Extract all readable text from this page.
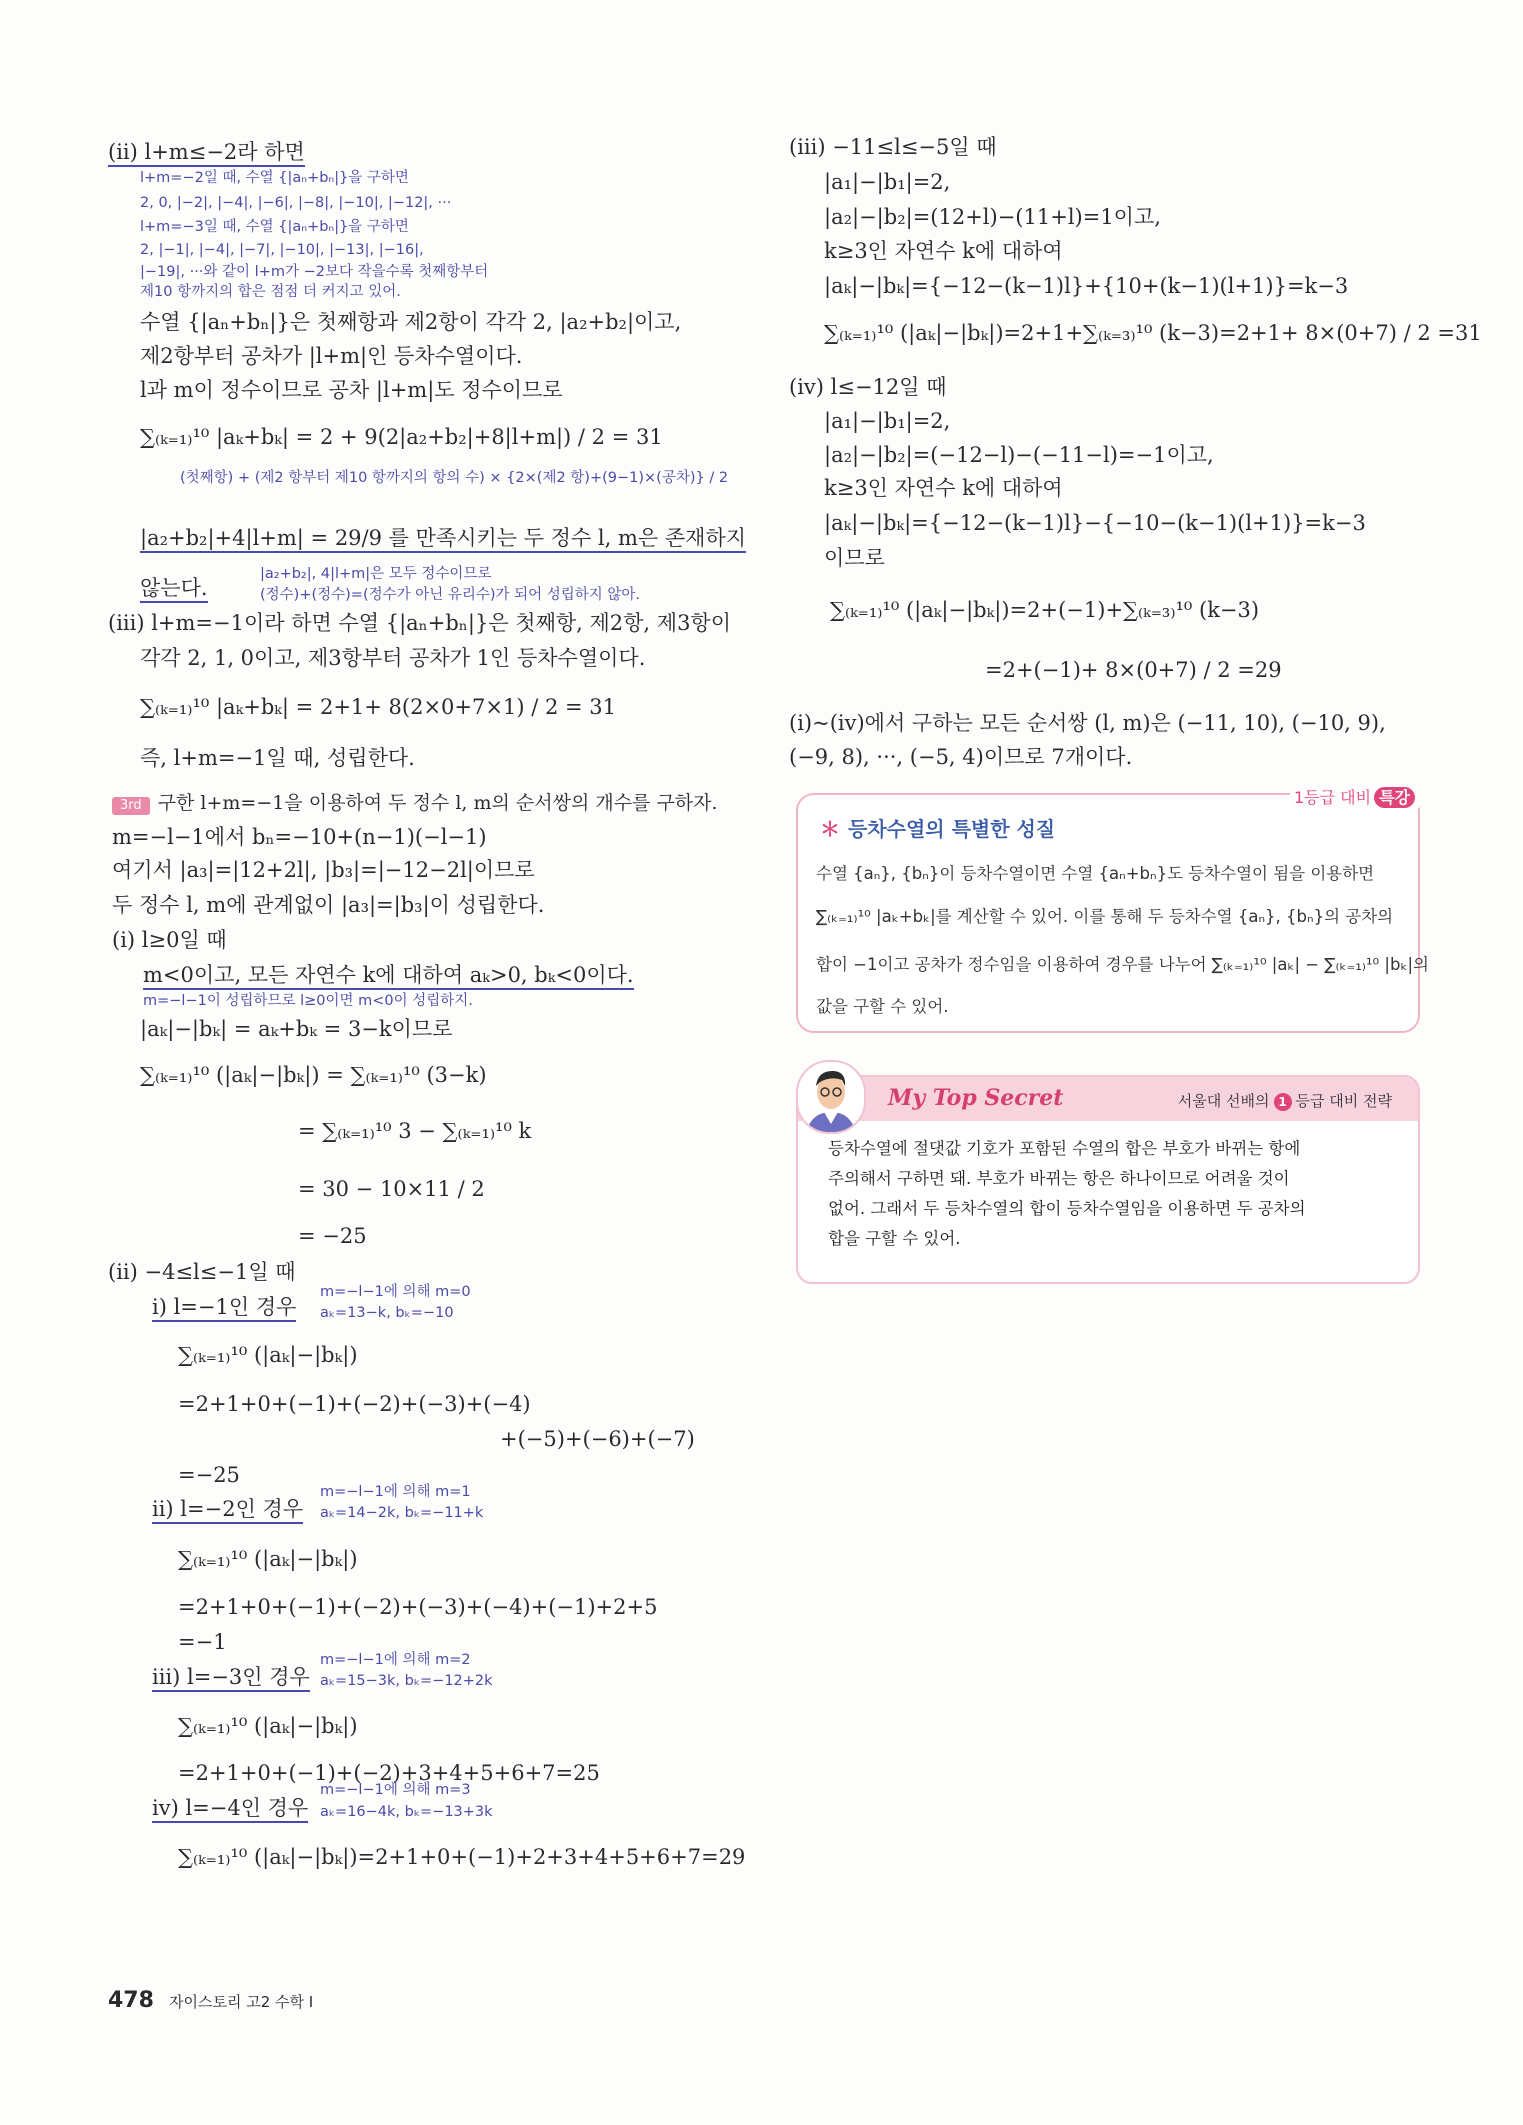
(ii) l+m≤−2라 하면
l+m=−2일 때, 수열 {|aₙ+bₙ|}을 구하면
2, 0, |−2|, |−4|, |−6|, |−8|, |−10|, |−12|, ···
l+m=−3일 때, 수열 {|aₙ+bₙ|}을 구하면
2, |−1|, |−4|, |−7|, |−10|, |−13|, |−16|,
|−19|, ···와 같이 l+m가 −2보다 작을수록 첫째항부터
제10 항까지의 합은 점점 더 커지고 있어.
수열 {|aₙ+bₙ|}은 첫째항과 제2항이 각각 2, |a₂+b₂|이고,
제2항부터 공차가 |l+m|인 등차수열이다.
l과 m이 정수이므로 공차 |l+m|도 정수이므로
∑₍ₖ₌₁₎¹⁰ |aₖ+bₖ| = 2 + 9(2|a₂+b₂|+8|l+m|) / 2 = 31
(첫째항) + (제2 항부터 제10 항까지의 항의 수) × {2×(제2 항)+(9−1)×(공차)} / 2
|a₂+b₂|+4|l+m| = 29/9 를 만족시키는 두 정수 l, m은 존재하지
않는다.
|a₂+b₂|, 4|l+m|은 모두 정수이므로
(정수)+(정수)=(정수가 아닌 유리수)가 되어 성립하지 않아.
(iii) l+m=−1이라 하면 수열 {|aₙ+bₙ|}은 첫째항, 제2항, 제3항이
각각 2, 1, 0이고, 제3항부터 공차가 1인 등차수열이다.
∑₍ₖ₌₁₎¹⁰ |aₖ+bₖ| = 2+1+ 8(2×0+7×1) / 2 = 31
즉, l+m=−1일 때, 성립한다.
3rd 구한 l+m=−1을 이용하여 두 정수 l, m의 순서쌍의 개수를 구하자.
m=−l−1에서 bₙ=−10+(n−1)(−l−1)
여기서 |a₃|=|12+2l|, |b₃|=|−12−2l|이므로
두 정수 l, m에 관계없이 |a₃|=|b₃|이 성립한다.
(i) l≥0일 때
m<0이고, 모든 자연수 k에 대하여 aₖ>0, bₖ<0이다.
m=−l−1이 성립하므로 l≥0이면 m<0이 성립하지.
|aₖ|−|bₖ| = aₖ+bₖ = 3−k이므로
∑₍ₖ₌₁₎¹⁰ (|aₖ|−|bₖ|) = ∑₍ₖ₌₁₎¹⁰ (3−k)
= ∑₍ₖ₌₁₎¹⁰ 3 − ∑₍ₖ₌₁₎¹⁰ k
= 30 − 10×11 / 2
= −25
(ii) −4≤l≤−1일 때
i) l=−1인 경우
m=−l−1에 의해 m=0
aₖ=13−k, bₖ=−10
∑₍ₖ₌₁₎¹⁰ (|aₖ|−|bₖ|)
=2+1+0+(−1)+(−2)+(−3)+(−4)
+(−5)+(−6)+(−7)
=−25
ii) l=−2인 경우
m=−l−1에 의해 m=1
aₖ=14−2k, bₖ=−11+k
∑₍ₖ₌₁₎¹⁰ (|aₖ|−|bₖ|)
=2+1+0+(−1)+(−2)+(−3)+(−4)+(−1)+2+5
=−1
iii) l=−3인 경우
m=−l−1에 의해 m=2
aₖ=15−3k, bₖ=−12+2k
∑₍ₖ₌₁₎¹⁰ (|aₖ|−|bₖ|)
=2+1+0+(−1)+(−2)+3+4+5+6+7=25
iv) l=−4인 경우
m=−l−1에 의해 m=3
aₖ=16−4k, bₖ=−13+3k
∑₍ₖ₌₁₎¹⁰ (|aₖ|−|bₖ|)=2+1+0+(−1)+2+3+4+5+6+7=29
(iii) −11≤l≤−5일 때
|a₁|−|b₁|=2,
|a₂|−|b₂|=(12+l)−(11+l)=1이고,
k≥3인 자연수 k에 대하여
|aₖ|−|bₖ|={−12−(k−1)l}+{10+(k−1)(l+1)}=k−3
∑₍ₖ₌₁₎¹⁰ (|aₖ|−|bₖ|)=2+1+∑₍ₖ₌₃₎¹⁰ (k−3)=2+1+ 8×(0+7) / 2 =31
(iv) l≤−12일 때
|a₁|−|b₁|=2,
|a₂|−|b₂|=(−12−l)−(−11−l)=−1이고,
k≥3인 자연수 k에 대하여
|aₖ|−|bₖ|={−12−(k−1)l}−{−10−(k−1)(l+1)}=k−3
이므로
∑₍ₖ₌₁₎¹⁰ (|aₖ|−|bₖ|)=2+(−1)+∑₍ₖ₌₃₎¹⁰ (k−3)
=2+(−1)+ 8×(0+7) / 2 =29
(i)~(iv)에서 구하는 모든 순서쌍 (l, m)은 (−11, 10), (−10, 9),
(−9, 8), ···, (−5, 4)이므로 7개이다.
＊ 등차수열의 특별한 성질
수열 {aₙ}, {bₙ}이 등차수열이면 수열 {aₙ+bₙ}도 등차수열이 됨을 이용하면
∑₍ₖ₌₁₎¹⁰ |aₖ+bₖ|를 계산할 수 있어. 이를 통해 두 등차수열 {aₙ}, {bₙ}의 공차의
합이 −1이고 공차가 정수임을 이용하여 경우를 나누어 ∑₍ₖ₌₁₎¹⁰ |aₖ| − ∑₍ₖ₌₁₎¹⁰ |bₖ|의
값을 구할 수 있어.
1등급 대비 특강
My Top Secret	서울대 선배의 1 등급 대비 전략
등차수열에 절댓값 기호가 포함된 수열의 합은 부호가 바뀌는 항에
주의해서 구하면 돼. 부호가 바뀌는 항은 하나이므로 어려울 것이
없어. 그래서 두 등차수열의 합이 등차수열임을 이용하면 두 공차의
합을 구할 수 있어.
478 자이스토리 고2 수학 I
